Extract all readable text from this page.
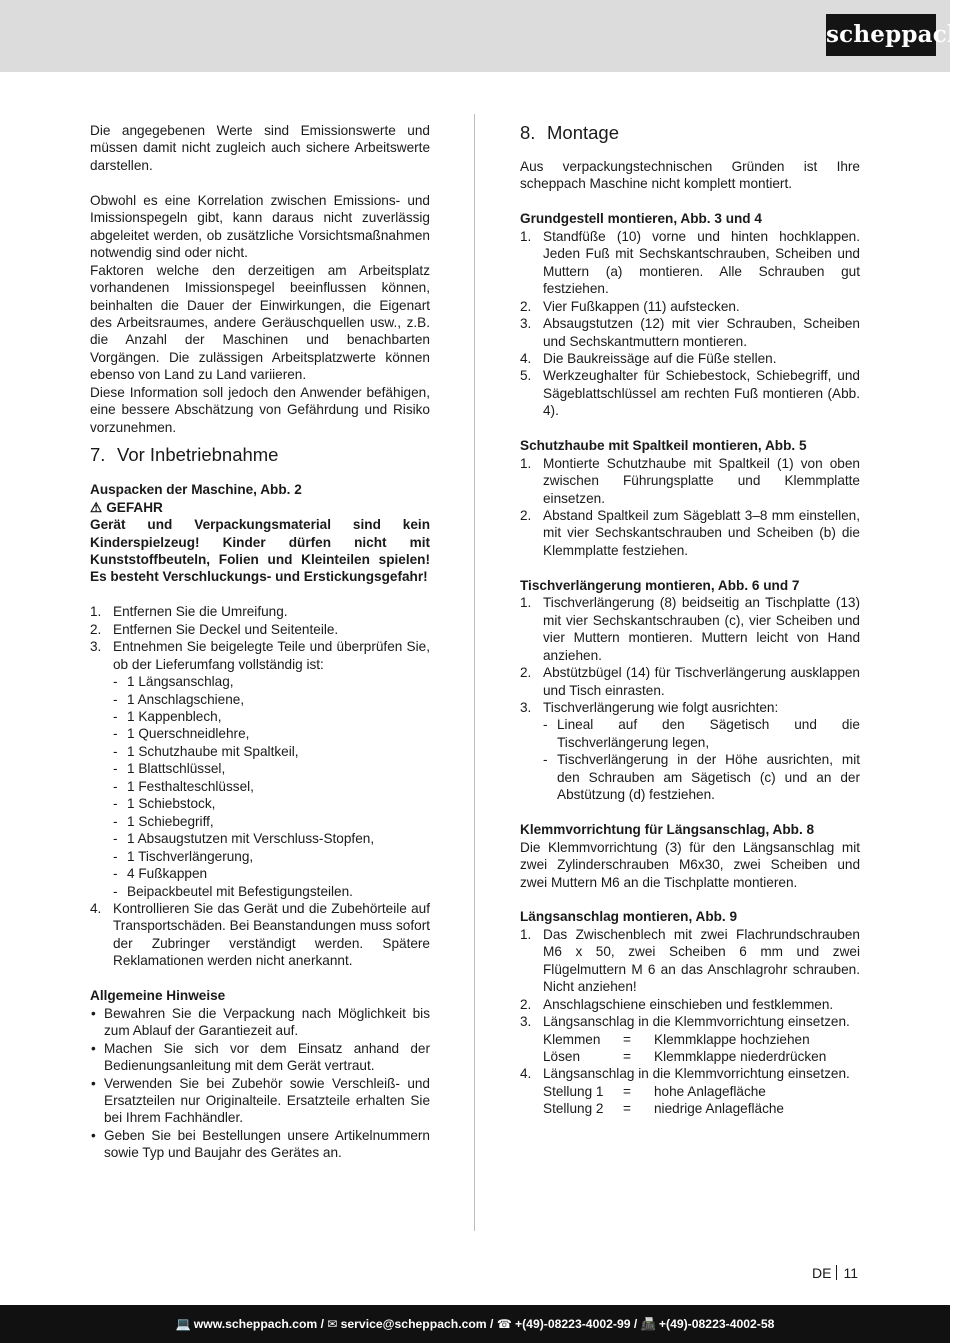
scheppach

Die angegebenen Werte sind Emissionswerte und müssen damit nicht zugleich auch sichere Arbeitswerte darstellen.

Obwohl es eine Korrelation zwischen Emissions- und Imissionspegeln gibt, kann daraus nicht zuverlässig abgeleitet werden, ob zusätzliche Vorsichtsmaßnahmen notwendig sind oder nicht.

Faktoren welche den derzeitigen am Arbeitsplatz vorhandenen Imissionspegel beeinflussen können, beinhalten die Dauer der Einwirkungen, die Eigenart des Arbeitsraumes, andere Geräuschquellen usw., z.B. die Anzahl der Maschinen und benachbarten Vorgängen. Die zulässigen Arbeitsplatzwerte können ebenso von Land zu Land variieren.

Diese Information soll jedoch den Anwender befähigen, eine bessere Abschätzung von Gefährdung und Risiko vorzunehmen.

7. Vor Inbetriebnahme
Auspacken der Maschine, Abb. 2
⚠ GEFAHR

Gerät und Verpackungsmaterial sind kein Kinderspielzeug! Kinder dürfen nicht mit Kunststoffbeuteln, Folien und Kleinteilen spielen! Es besteht Verschluckungs- und Erstickungsgefahr!

1. Entfernen Sie die Umreifung.
2. Entfernen Sie Deckel und Seitenteile.
3. Entnehmen Sie beigelegte Teile und überprüfen Sie, ob der Lieferumfang vollständig ist:
- 1 Längsanschlag,
- 1 Anschlagschiene,
- 1 Kappenblech,
- 1 Querschneidlehre,
- 1 Schutzhaube mit Spaltkeil,
- 1 Blattschlüssel,
- 1 Festhalteschlüssel,
- 1 Schiebstock,
- 1 Schiebegriff,
- 1 Absaugstutzen mit Verschluss-Stopfen,
- 1 Tischverlängerung,
- 4 Fußkappen
- Beipackbeutel mit Befestigungsteilen.
4. Kontrollieren Sie das Gerät und die Zubehörteile auf Transportschäden. Bei Beanstandungen muss sofort der Zubringer verständigt werden. Spätere Reklamationen werden nicht anerkannt.
Allgemeine Hinweise
• Bewahren Sie die Verpackung nach Möglichkeit bis zum Ablauf der Garantiezeit auf.
• Machen Sie sich vor dem Einsatz anhand der Bedienungsanleitung mit dem Gerät vertraut.
• Verwenden Sie bei Zubehör sowie Verschleiß- und Ersatzteilen nur Originalteile. Ersatzteile erhalten Sie bei Ihrem Fachhändler.
• Geben Sie bei Bestellungen unsere Artikelnummern sowie Typ und Baujahr des Gerätes an.
8. Montage

Aus verpackungstechnischen Gründen ist Ihre scheppach Maschine nicht komplett montiert.

Grundgestell montieren, Abb. 3 und 4
1. Standfüße (10) vorne und hinten hochklappen. Jeden Fuß mit Sechskantschrauben, Scheiben und Muttern (a) montieren. Alle Schrauben gut festziehen.
2. Vier Fußkappen (11) aufstecken.
3. Absaugstutzen (12) mit vier Schrauben, Scheiben und Sechskantmuttern montieren.
4. Die Baukreissäge auf die Füße stellen.
5. Werkzeughalter für Schiebestock, Schiebegriff, und Sägeblattschlüssel am rechten Fuß montieren (Abb. 4).
Schutzhaube mit Spaltkeil montieren, Abb. 5
1. Montierte Schutzhaube mit Spaltkeil (1) von oben zwischen Führungsplatte und Klemmplatte einsetzen.
2. Abstand Spaltkeil zum Sägeblatt 3–8 mm einstellen, mit vier Sechskantschrauben und Scheiben (b) die Klemmplatte festziehen.
Tischverlängerung montieren, Abb. 6 und 7
1. Tischverlängerung (8) beidseitig an Tischplatte (13) mit vier Sechskantschrauben (c), vier Scheiben und vier Muttern montieren. Muttern leicht von Hand anziehen.
2. Abstützbügel (14) für Tischverlängerung ausklappen und Tisch einrasten.
3. Tischverlängerung wie folgt ausrichten:
- Lineal auf den Sägetisch und die Tischverlängerung legen,
- Tischverlängerung in der Höhe ausrichten, mit den Schrauben am Sägetisch (c) und an der Abstützung (d) festziehen.
Klemmvorrichtung für Längsanschlag, Abb. 8

Die Klemmvorrichtung (3) für den Längsanschlag mit zwei Zylinderschrauben M6x30, zwei Scheiben und zwei Muttern M6 an die Tischplatte montieren.

Längsanschlag montieren, Abb. 9
1. Das Zwischenblech mit zwei Flachrundschrauben M6 x 50, zwei Scheiben 6 mm und zwei Flügelmuttern M 6 an das Anschlagrohr schrauben. Nicht anziehen!
2. Anschlagschiene einschieben und festklemmen.
3. Längsanschlag in die Klemmvorrichtung einsetzen.
Klemmen	=	Klemmklappe hochziehen
Lösen	=	Klemmklappe niederdrücken
4. Längsanschlag in die Klemmvorrichtung einsetzen.
Stellung 1	=	hohe Anlagefläche
Stellung 2	=	niedrige Anlagefläche
DE 11
💻 www.scheppach.com / ✉ service@scheppach.com / ☎ +(49)-08223-4002-99 / 📠 +(49)-08223-4002-58
